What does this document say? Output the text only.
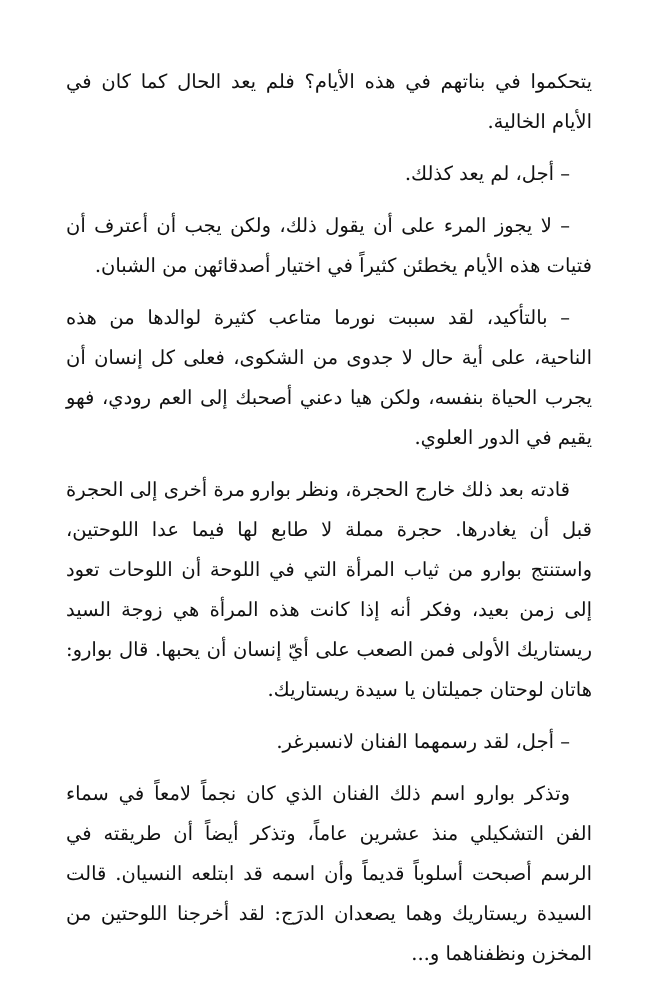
يتحكموا في بناتهم في هذه الأيام؟ فلم يعد الحال كما كان في الأيام الخالية.

– أجل، لم يعد كذلك.

– لا يجوز المرء على أن يقول ذلك، ولكن يجب أن أعترف أن فتيات هذه الأيام يخطئن كثيراً في اختيار أصدقائهن من الشبان.

– بالتأكيد، لقد سببت نورما متاعب كثيرة لوالدها من هذه الناحية، على أية حال لا جدوى من الشكوى، فعلى كل إنسان أن يجرب الحياة بنفسه، ولكن هيا دعني أصحبك إلى العم رودي، فهو يقيم في الدور العلوي.

قادته بعد ذلك خارج الحجرة، ونظر بوارو مرة أخرى إلى الحجرة قبل أن يغادرها. حجرة مملة لا طابع لها فيما عدا اللوحتين، واستنتج بوارو من ثياب المرأة التي في اللوحة أن اللوحات تعود إلى زمن بعيد، وفكر أنه إذا كانت هذه المرأة هي زوجة السيد ريستاريك الأولى فمن الصعب على أيّ إنسان أن يحبها. قال بوارو: هاتان لوحتان جميلتان يا سيدة ريستاريك.

– أجل، لقد رسمهما الفنان لانسبرغر.

وتذكر بوارو اسم ذلك الفنان الذي كان نجماً لامعاً في سماء الفن التشكيلي منذ عشرين عاماً، وتذكر أيضاً أن طريقته في الرسم أصبحت أسلوباً قديماً وأن اسمه قد ابتلعه النسيان. قالت السيدة ريستاريك وهما يصعدان الدرَج: لقد أخرجنا اللوحتين من المخزن ونظفناهما و...
